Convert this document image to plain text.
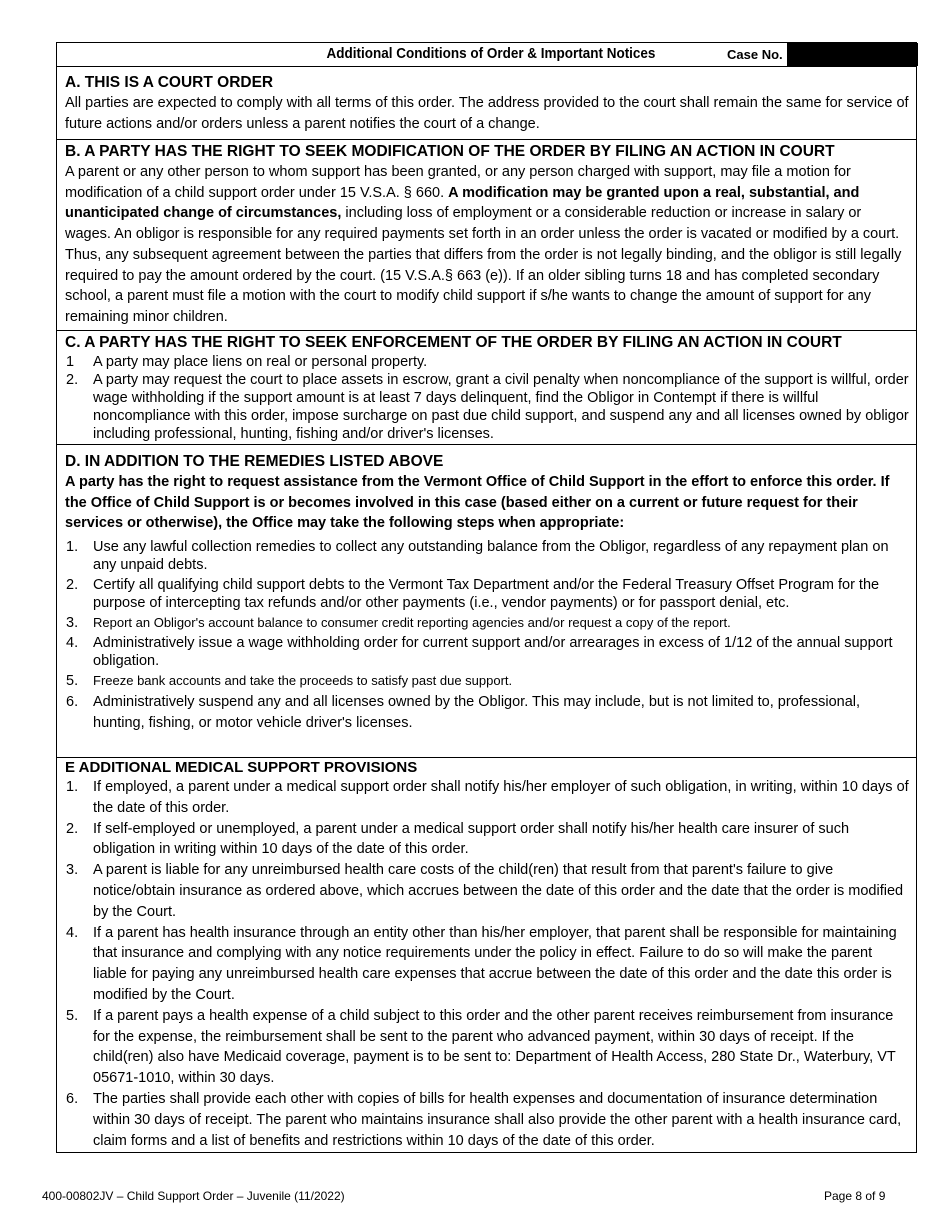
Additional Conditions of Order & Important Notices	Case No.
A. THIS IS A COURT ORDER
All parties are expected to comply with all terms of this order. The address provided to the court shall remain the same for service of future actions and/or orders unless a parent notifies the court of a change.
B. A PARTY HAS THE RIGHT TO SEEK MODIFICATION OF THE ORDER BY FILING AN ACTION IN COURT
A parent or any other person to whom support has been granted, or any person charged with support, may file a motion for modification of a child support order under 15 V.S.A. § 660. A modification may be granted upon a real, substantial, and unanticipated change of circumstances, including loss of employment or a considerable reduction or increase in salary or wages. An obligor is responsible for any required payments set forth in an order unless the order is vacated or modified by a court. Thus, any subsequent agreement between the parties that differs from the order is not legally binding, and the obligor is still legally required to pay the amount ordered by the court. (15 V.S.A.§ 663 (e)). If an older sibling turns 18 and has completed secondary school, a parent must file a motion with the court to modify child support if s/he wants to change the amount of support for any remaining minor children.
C. A PARTY HAS THE RIGHT TO SEEK ENFORCEMENT OF THE ORDER BY FILING AN ACTION IN COURT
1 A party may place liens on real or personal property.
2. A party may request the court to place assets in escrow, grant a civil penalty when noncompliance of the support is willful, order wage withholding if the support amount is at least 7 days delinquent, find the Obligor in Contempt if there is willful noncompliance with this order, impose surcharge on past due child support, and suspend any and all licenses owned by obligor including professional, hunting, fishing and/or driver's licenses.
D. IN ADDITION TO THE REMEDIES LISTED ABOVE
A party has the right to request assistance from the Vermont Office of Child Support in the effort to enforce this order. If the Office of Child Support is or becomes involved in this case (based either on a current or future request for their services or otherwise), the Office may take the following steps when appropriate:
1. Use any lawful collection remedies to collect any outstanding balance from the Obligor, regardless of any repayment plan on any unpaid debts.
2. Certify all qualifying child support debts to the Vermont Tax Department and/or the Federal Treasury Offset Program for the purpose of intercepting tax refunds and/or other payments (i.e., vendor payments) or for passport denial, etc.
3. Report an Obligor's account balance to consumer credit reporting agencies and/or request a copy of the report.
4. Administratively issue a wage withholding order for current support and/or arrearages in excess of 1/12 of the annual support obligation.
5. Freeze bank accounts and take the proceeds to satisfy past due support.
6. Administratively suspend any and all licenses owned by the Obligor. This may include, but is not limited to, professional, hunting, fishing, or motor vehicle driver's licenses.
E ADDITIONAL MEDICAL SUPPORT PROVISIONS
1. If employed, a parent under a medical support order shall notify his/her employer of such obligation, in writing, within 10 days of the date of this order.
2. If self-employed or unemployed, a parent under a medical support order shall notify his/her health care insurer of such obligation in writing within 10 days of the date of this order.
3. A parent is liable for any unreimbursed health care costs of the child(ren) that result from that parent's failure to give notice/obtain insurance as ordered above, which accrues between the date of this order and the date that the order is modified by the Court.
4. If a parent has health insurance through an entity other than his/her employer, that parent shall be responsible for maintaining that insurance and complying with any notice requirements under the policy in effect. Failure to do so will make the parent liable for paying any unreimbursed health care expenses that accrue between the date of this order and the date this order is modified by the Court.
5. If a parent pays a health expense of a child subject to this order and the other parent receives reimbursement from insurance for the expense, the reimbursement shall be sent to the parent who advanced payment, within 30 days of receipt. If the child(ren) also have Medicaid coverage, payment is to be sent to: Department of Health Access, 280 State Dr., Waterbury, VT 05671-1010, within 30 days.
6. The parties shall provide each other with copies of bills for health expenses and documentation of insurance determination within 30 days of receipt. The parent who maintains insurance shall also provide the other parent with a health insurance card, claim forms and a list of benefits and restrictions within 10 days of the date of this order.
400-00802JV – Child Support Order – Juvenile (11/2022)	Page 8 of 9
